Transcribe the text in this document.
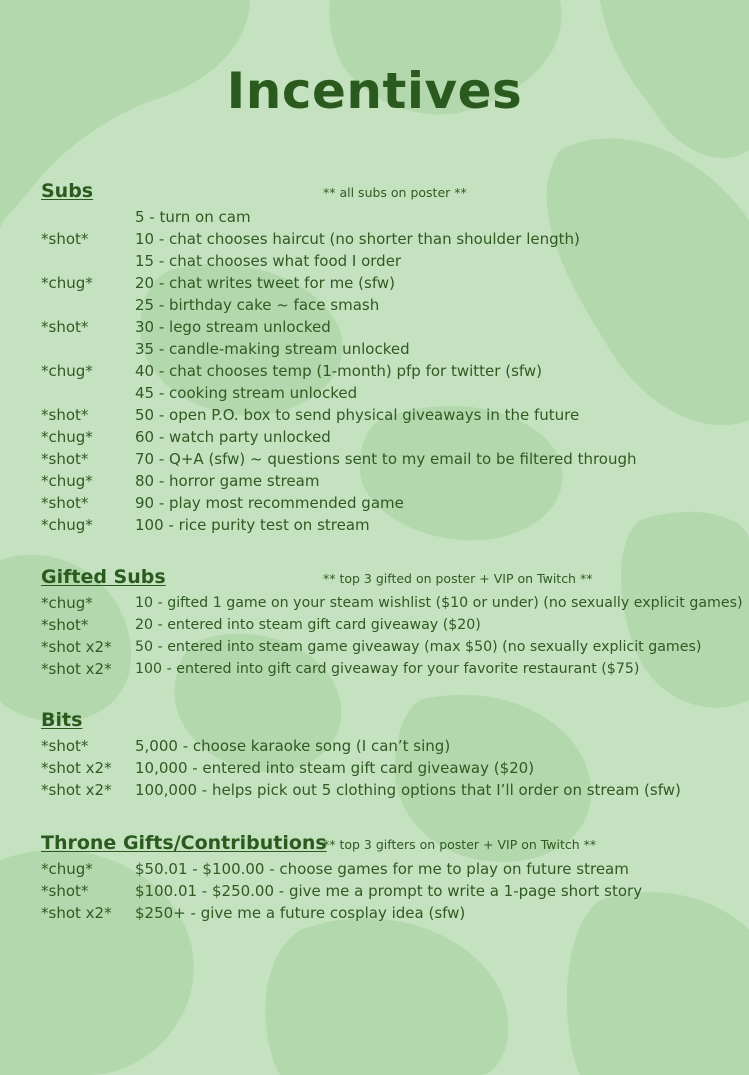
Incentives
Subs	** all subs on poster **
5 - turn on cam
*shot*	10 - chat chooses haircut (no shorter than shoulder length)
15 - chat chooses what food I order
*chug*	20 - chat writes tweet for me (sfw)
25 - birthday cake ~ face smash
*shot*	30 - lego stream unlocked
35 - candle-making stream unlocked
*chug*	40 - chat chooses temp (1-month) pfp for twitter (sfw)
45 - cooking stream unlocked
*shot*	50 - open P.O. box to send physical giveaways in the future
*chug*	60 - watch party unlocked
*shot*	70 - Q+A (sfw) ~ questions sent to my email to be filtered through
*chug*	80 - horror game stream
*shot*	90 - play most recommended game
*chug*	100 - rice purity test on stream
Gifted Subs	** top 3 gifted on poster + VIP on Twitch **
*chug*	10 - gifted 1 game on your steam wishlist ($10 or under) (no sexually explicit games)
*shot*	20 - entered into steam gift card giveaway ($20)
*shot x2*	50 - entered into steam game giveaway (max $50) (no sexually explicit games)
*shot x2*	100 - entered into gift card giveaway for your favorite restaurant ($75)
Bits
*shot*	5,000 - choose karaoke song (I can’t sing)
*shot x2*	10,000 - entered into steam gift card giveaway ($20)
*shot x2*	100,000 - helps pick out 5 clothing options that I’ll order on stream (sfw)
Throne Gifts/Contributions
** top 3 gifters on poster + VIP on Twitch **
*chug*	$50.01 - $100.00 - choose games for me to play on future stream
*shot*	$100.01 - $250.00 - give me a prompt to write a 1-page short story
*shot x2*	$250+ - give me a future cosplay idea (sfw)
